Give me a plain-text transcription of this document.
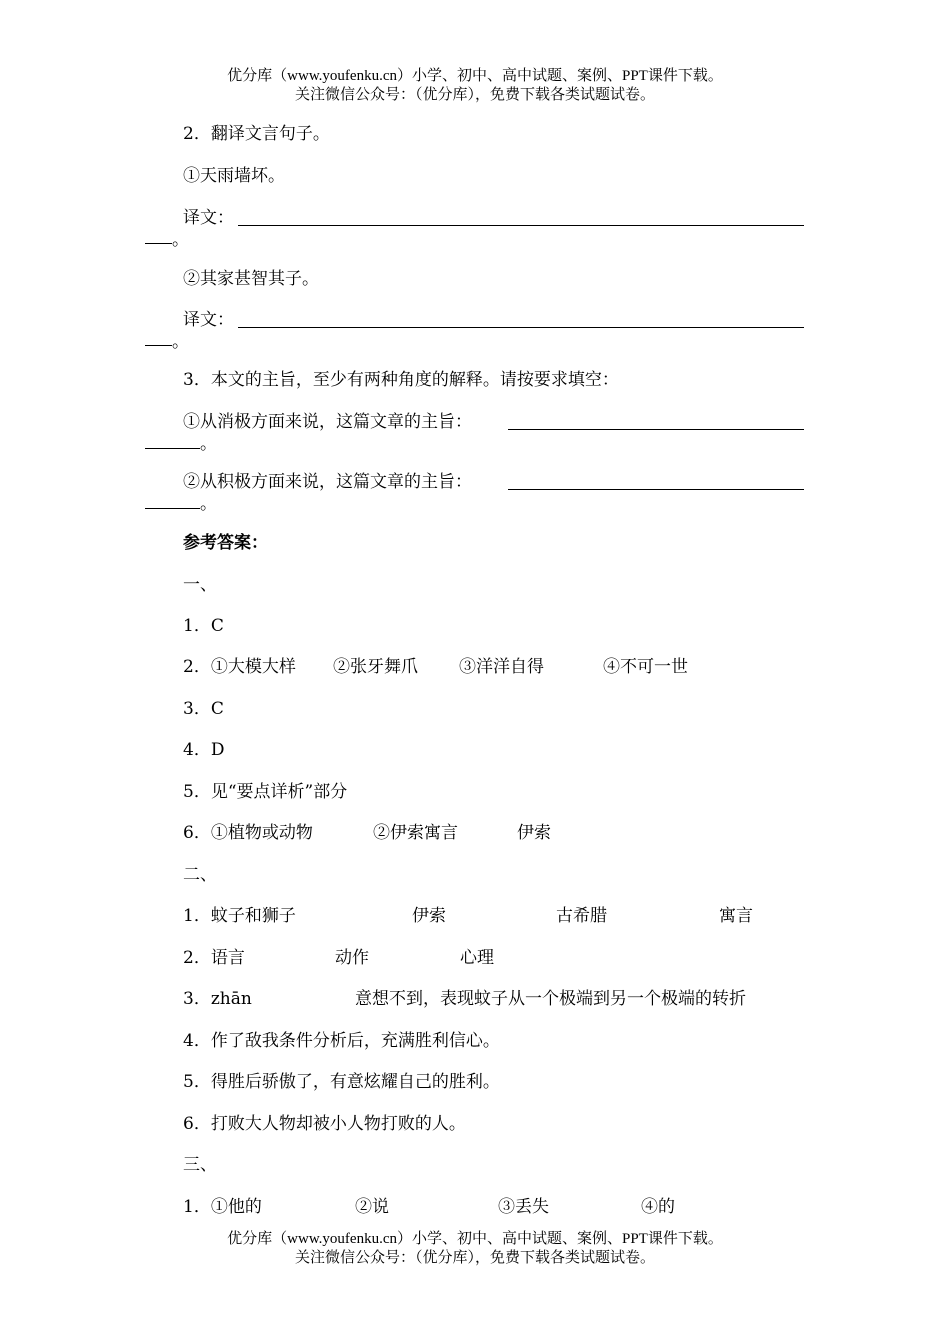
优分库（www.youfenku.cn）小学、初中、高中试题、案例、PPT课件下载。
关注微信公众号：（优分库），免费下载各类试题试卷。
2．翻译文言句子。
①天雨墙坏。
译文：
。
②其家甚智其子。
译文：
。
3．本文的主旨，至少有两种角度的解释。请按要求填空：
①从消极方面来说，这篇文章的主旨：
。
②从积极方面来说，这篇文章的主旨：
。
参考答案：
一、
1．C
2．①大模大样 ②张牙舞爪 ③洋洋自得	④不可一世
3．C
4．D
5．见“要点详析”部分
6．①植物或动物	②伊索寓言	伊索
二、
1．蚊子和狮子	伊索	古希腊	寓言
2．语言	动作	心理
3．zhān	意想不到，表现蚊子从一个极端到另一个极端的转折
4．作了敌我条件分析后，充满胜利信心。
5．得胜后骄傲了，有意炫耀自己的胜利。
6．打败大人物却被小人物打败的人。
三、
1．①他的	②说	③丢失	④的
优分库（www.youfenku.cn）小学、初中、高中试题、案例、PPT课件下载。
关注微信公众号：（优分库），免费下载各类试题试卷。
